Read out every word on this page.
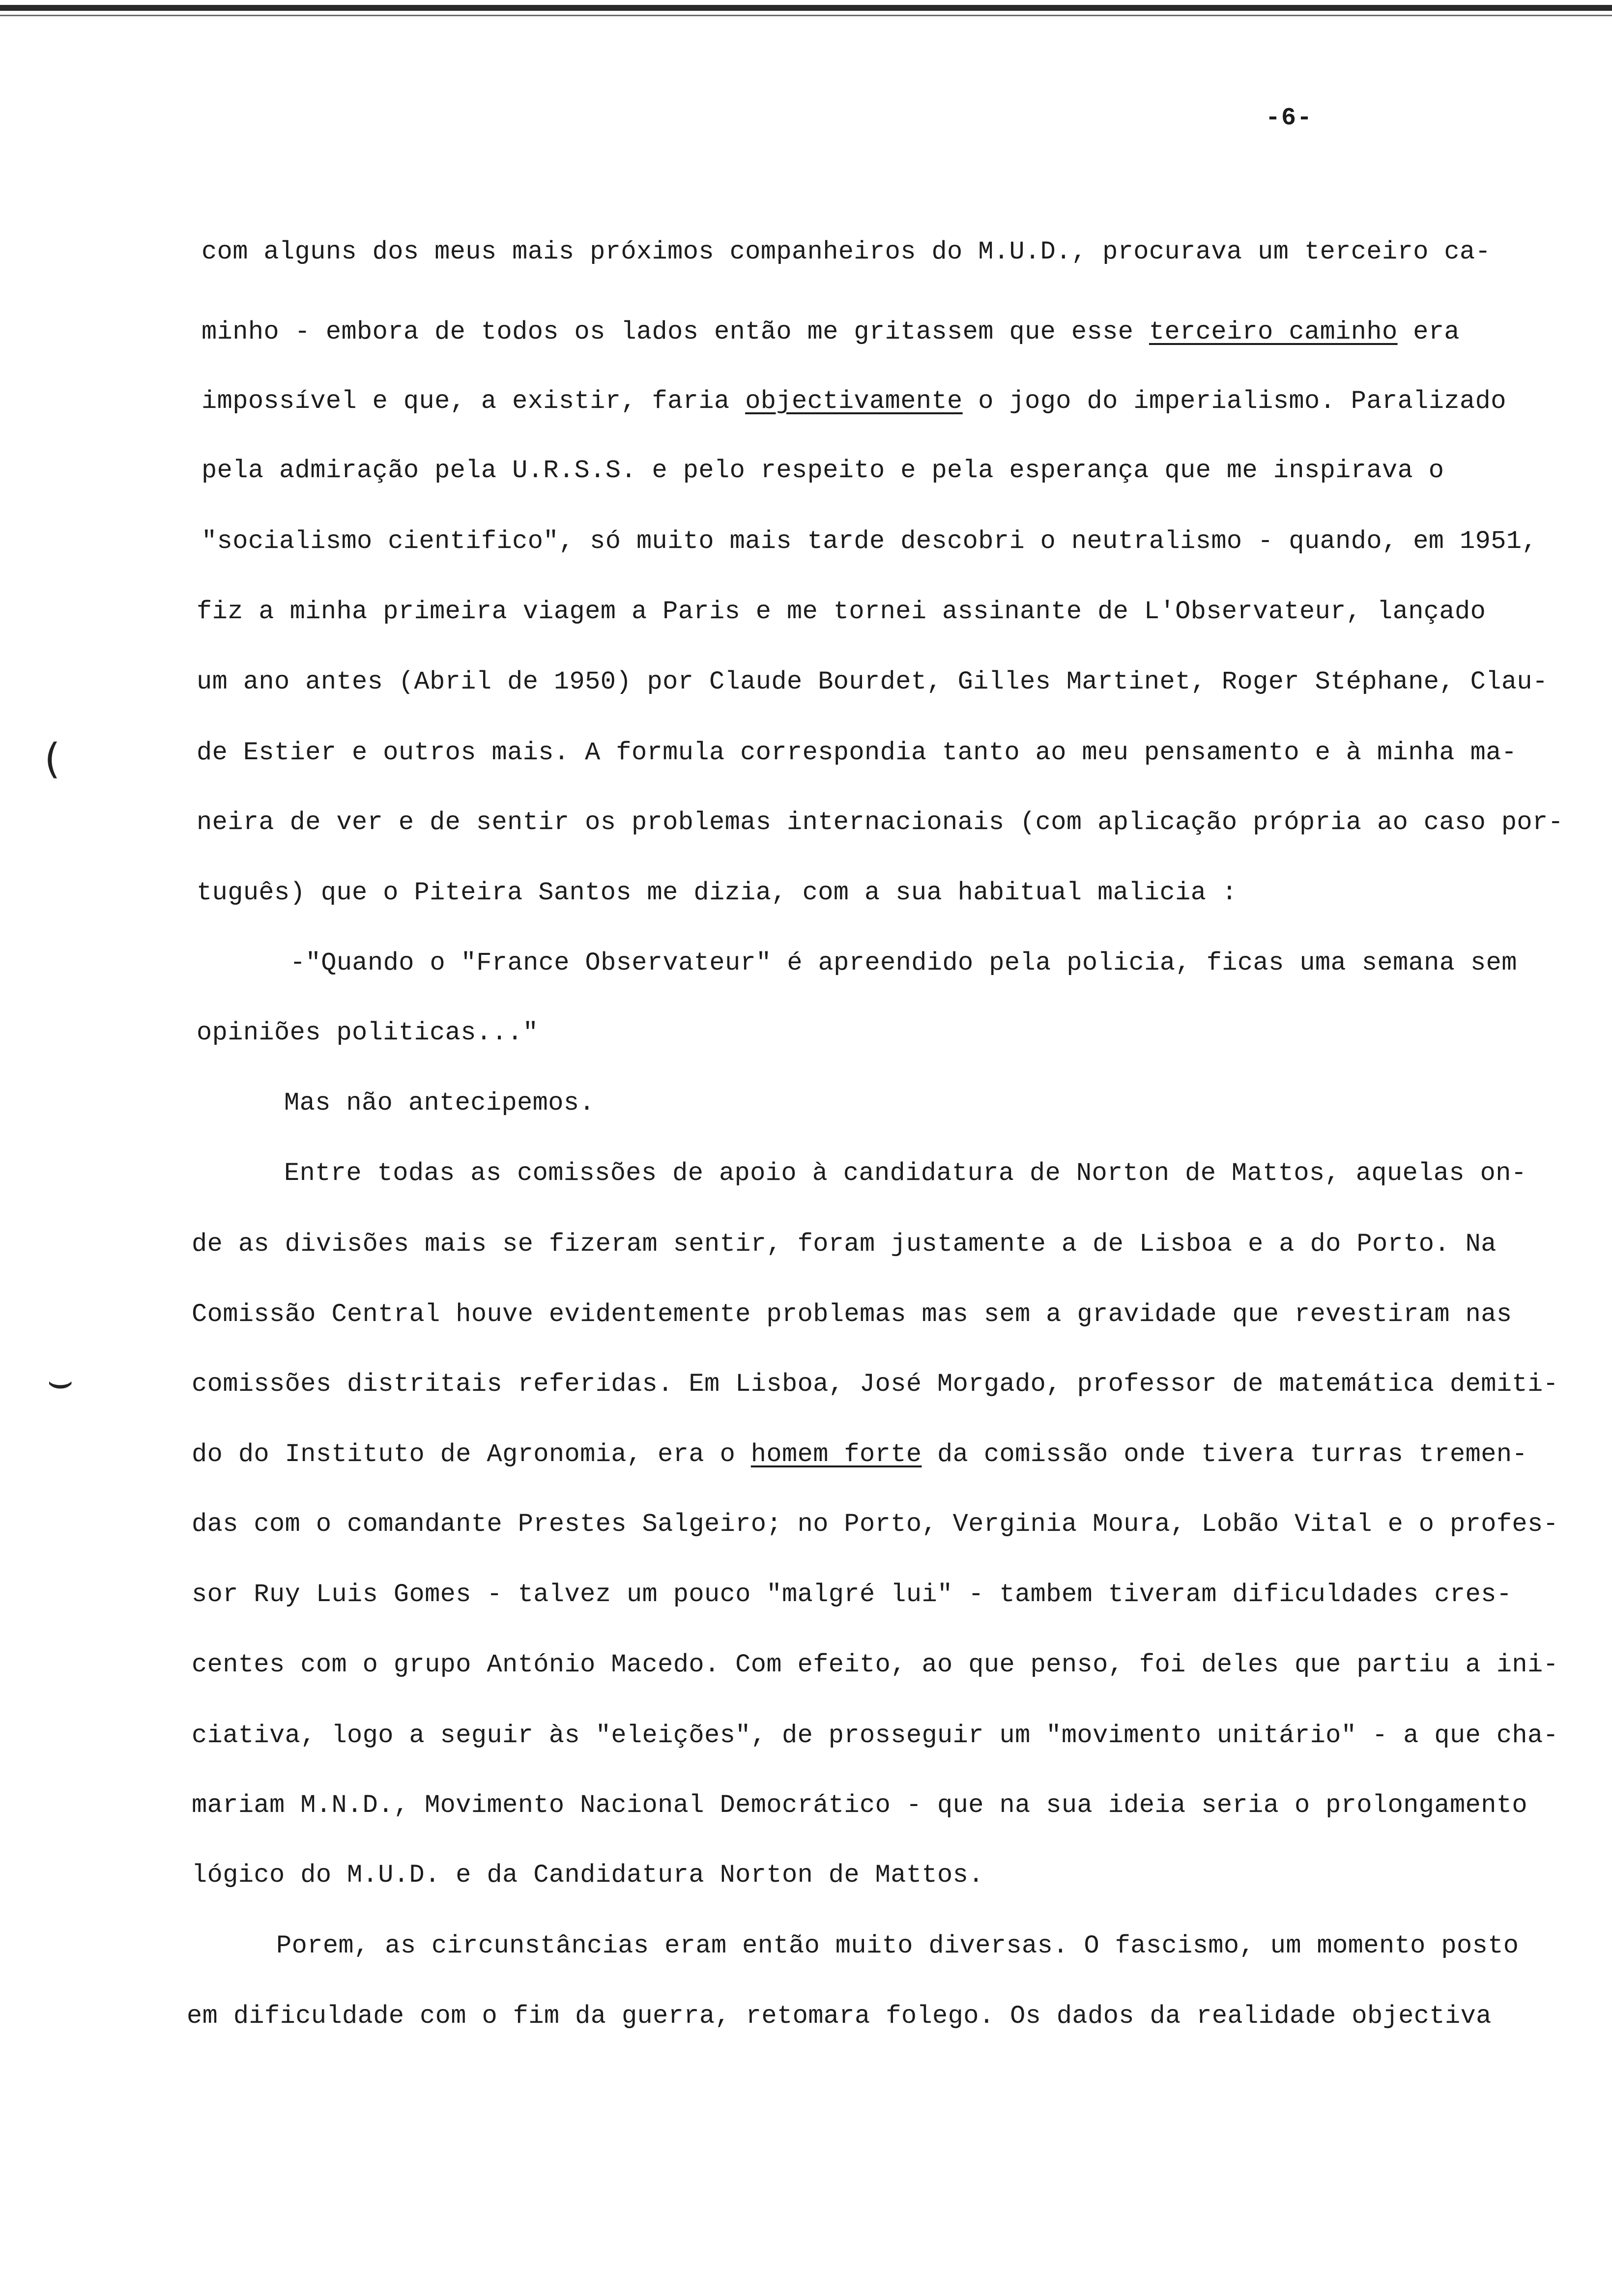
-6-
com alguns dos meus mais próximos companheiros do M.U.D., procurava um terceiro ca-
minho - embora de todos os lados então me gritassem que esse terceiro caminho era
impossível e que, a existir, faria objectivamente o jogo do imperialismo. Paralizado
pela admiração pela U.R.S.S. e pelo respeito e pela esperança que me inspirava o
"socialismo cientifico", só muito mais tarde descobri o neutralismo - quando, em 1951,
fiz a minha primeira viagem a Paris e me tornei assinante de L'Observateur, lançado
um ano antes (Abril de 1950) por Claude Bourdet, Gilles Martinet, Roger Stéphane, Clau-
(	de Estier e outros mais. A formula correspondia tanto ao meu pensamento e à minha ma-
neira de ver e de sentir os problemas internacionais (com aplicação própria ao caso por-
tuguês) que o Piteira Santos me dizia, com a sua habitual malicia :
-"Quando o "France Observateur" é apreendido pela policia, ficas uma semana sem
opiniões politicas..."
Mas não antecipemos.
Entre todas as comissões de apoio à candidatura de Norton de Mattos, aquelas on-
de as divisões mais se fizeram sentir, foram justamente a de Lisboa e a do Porto. Na
Comissão Central houve evidentemente problemas mas sem a gravidade que revestiram nas
⌣	comissões distritais referidas. Em Lisboa, José Morgado, professor de matemática demiti-
do do Instituto de Agronomia, era o homem forte da comissão onde tivera turras tremen-
das com o comandante Prestes Salgeiro; no Porto, Verginia Moura, Lobão Vital e o profes-
sor Ruy Luis Gomes - talvez um pouco "malgré lui" - tambem tiveram dificuldades cres-
centes com o grupo António Macedo. Com efeito, ao que penso, foi deles que partiu a ini-
ciativa, logo a seguir às "eleições", de prosseguir um "movimento unitário" - a que cha-
mariam M.N.D., Movimento Nacional Democrático - que na sua ideia seria o prolongamento
lógico do M.U.D. e da Candidatura Norton de Mattos.
Porem, as circunstâncias eram então muito diversas. O fascismo, um momento posto
em dificuldade com o fim da guerra, retomara folego. Os dados da realidade objectiva
